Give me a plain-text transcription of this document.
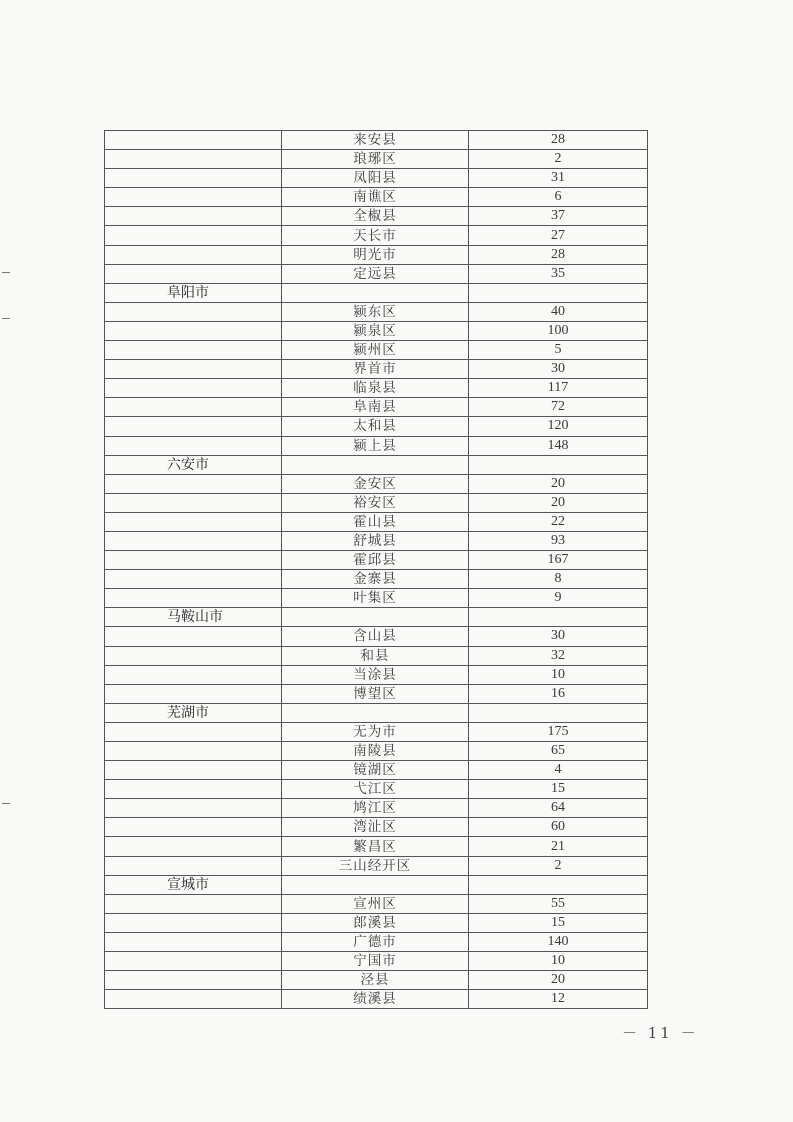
	来安县	28
	琅琊区	2
	凤阳县	31
	南谯区	6
	全椒县	37
	天长市	27
	明光市	28
	定远县	35
阜阳市		
	颍东区	40
	颍泉区	100
	颍州区	5
	界首市	30
	临泉县	117
	阜南县	72
	太和县	120
	颍上县	148
六安市		
	金安区	20
	裕安区	20
	霍山县	22
	舒城县	93
	霍邱县	167
	金寨县	8
	叶集区	9
马鞍山市		
	含山县	30
	和县	32
	当涂县	10
	博望区	16
芜湖市		
	无为市	175
	南陵县	65
	镜湖区	4
	弋江区	15
	鸠江区	64
	湾沚区	60
	繁昌区	21
	三山经开区	2
宣城市		
	宣州区	55
	郎溪县	15
	广德市	140
	宁国市	10
	泾县	20
	绩溪县	12
－ 11 －
